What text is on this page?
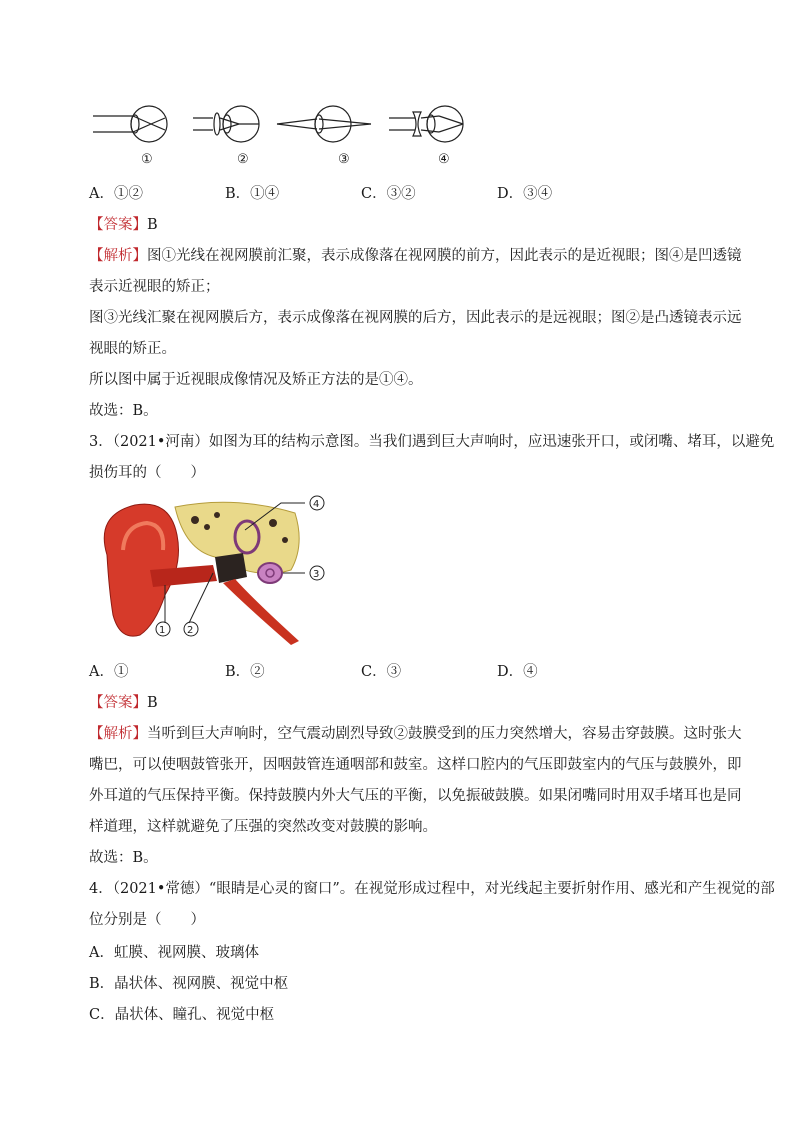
①	②	③	④
A．①②	B．①④	C．③②	D．③④
【答案】B
【解析】图①光线在视网膜前汇聚，表示成像落在视网膜的前方，因此表示的是近视眼；图④是凹透镜
表示近视眼的矫正；
图③光线汇聚在视网膜后方，表示成像落在视网膜的后方，因此表示的是远视眼；图②是凸透镜表示远
视眼的矫正。
所以图中属于近视眼成像情况及矫正方法的是①④。
故选：B。
3．（2021•河南）如图为耳的结构示意图。当我们遇到巨大声响时，应迅速张开口，或闭嘴、堵耳，以避免
损伤耳的（　　）
1 2
3
4
A．①	B．②	C．③	D．④
【答案】B
【解析】当听到巨大声响时，空气震动剧烈导致②鼓膜受到的压力突然增大，容易击穿鼓膜。这时张大
嘴巴，可以使咽鼓管张开，因咽鼓管连通咽部和鼓室。这样口腔内的气压即鼓室内的气压与鼓膜外，即
外耳道的气压保持平衡。保持鼓膜内外大气压的平衡，以免振破鼓膜。如果闭嘴同时用双手堵耳也是同
样道理，这样就避免了压强的突然改变对鼓膜的影响。
故选：B。
4．（2021•常德）“眼睛是心灵的窗口”。在视觉形成过程中，对光线起主要折射作用、感光和产生视觉的部
位分别是（　　）
A．虹膜、视网膜、玻璃体
B．晶状体、视网膜、视觉中枢
C．晶状体、瞳孔、视觉中枢
